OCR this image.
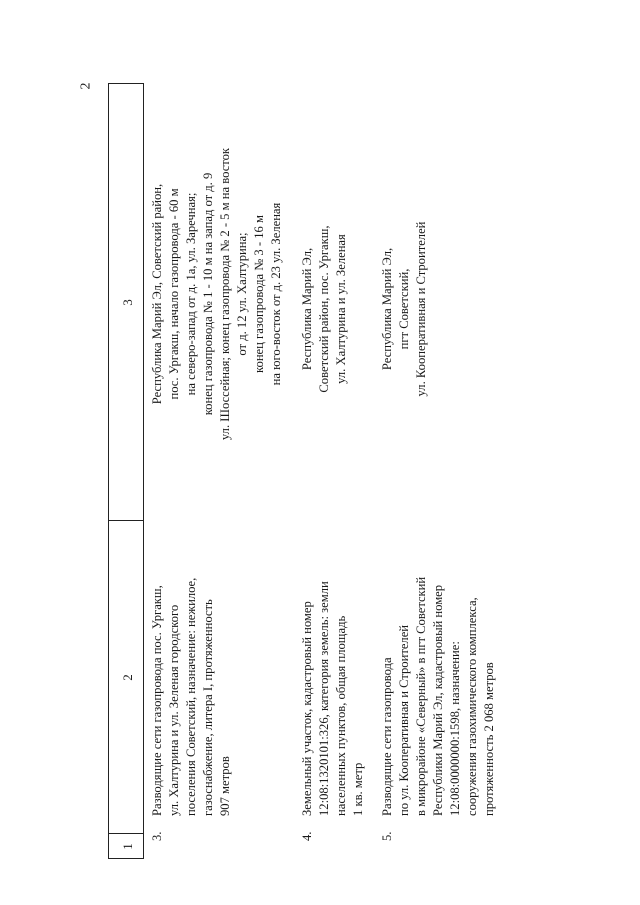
2
1
2
3
3.
Разводящие сети газопровода пос. Ургакш, ул. Халтурина и ул. Зеленая городского поселения Советский, назначение: нежилое, газоснабжение, литера I, протяженность 907 метров
Республика Марий Эл, Советский район, пос. Ургакш, начало газопровода - 60 м на северо-запад от д. 1а, ул. Заречная; конец газопровода № 1 - 10 м на запад от д. 9 ул. Шоссейная; конец газопровода № 2 - 5 м на восток от д. 12 ул. Халтурина; конец газопровода № 3 - 16 м на юго-восток от д. 23 ул. Зеленая
4.
Земельный участок, кадастровый номер 12:08:1320101:326, категория земель: земли населенных пунктов, общая площадь 1 кв. метр
Республика Марий Эл, Советский район, пос. Ургакш, ул. Халтурина и ул. Зеленая
5.
Разводящие сети газопровода по ул. Кооперативная и Строителей в микрорайоне «Северный» в пгт Советский Республики Марий Эл, кадастровый номер 12:08:0000000:1598, назначение: сооружения газохимического комплекса, протяженность 2 068 метров
Республика Марий Эл, пгт Советский, ул. Кооперативная и Строителей
